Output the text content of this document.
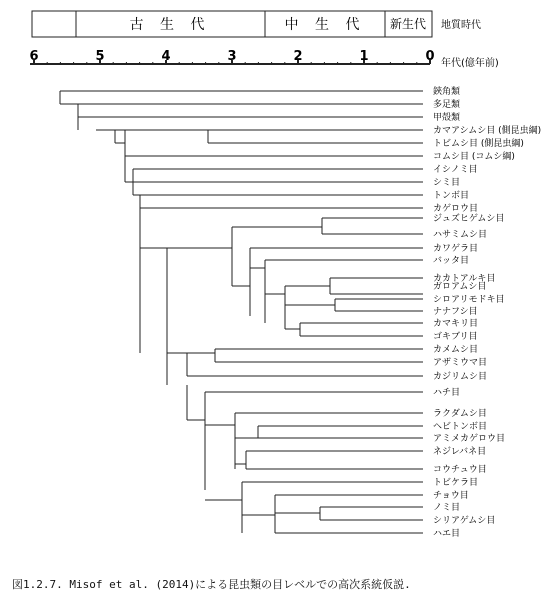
古 生 代	中 生 代 新生代 地質時代
6	5	4	3	2	1	0 年代(億年前)
鋏角類
多足類
甲殻類
カマアシムシ目 (側昆虫綱)
トビムシ目 (側昆虫綱)
コムシ目 (コムシ綱)
イシノミ目
シミ目
トンボ目
カゲロウ目
ジュズヒゲムシ目
ハサミムシ目
カワゲラ目
バッタ目
カカトアルキ目
ガロアムシ目
シロアリモドキ目
ナナフシ目
カマキリ目
ゴキブリ目
カメムシ目
アザミウマ目
カジリムシ目
ハチ目
ラクダムシ目
ヘビトンボ目
アミメカゲロウ目
ネジレバネ目
コウチュウ目
トビケラ目
チョウ目
ノミ目
シリアゲムシ目
ハエ目
図1.2.7. Misof et al. (2014)による昆虫類の目レベルでの高次系統仮説.
